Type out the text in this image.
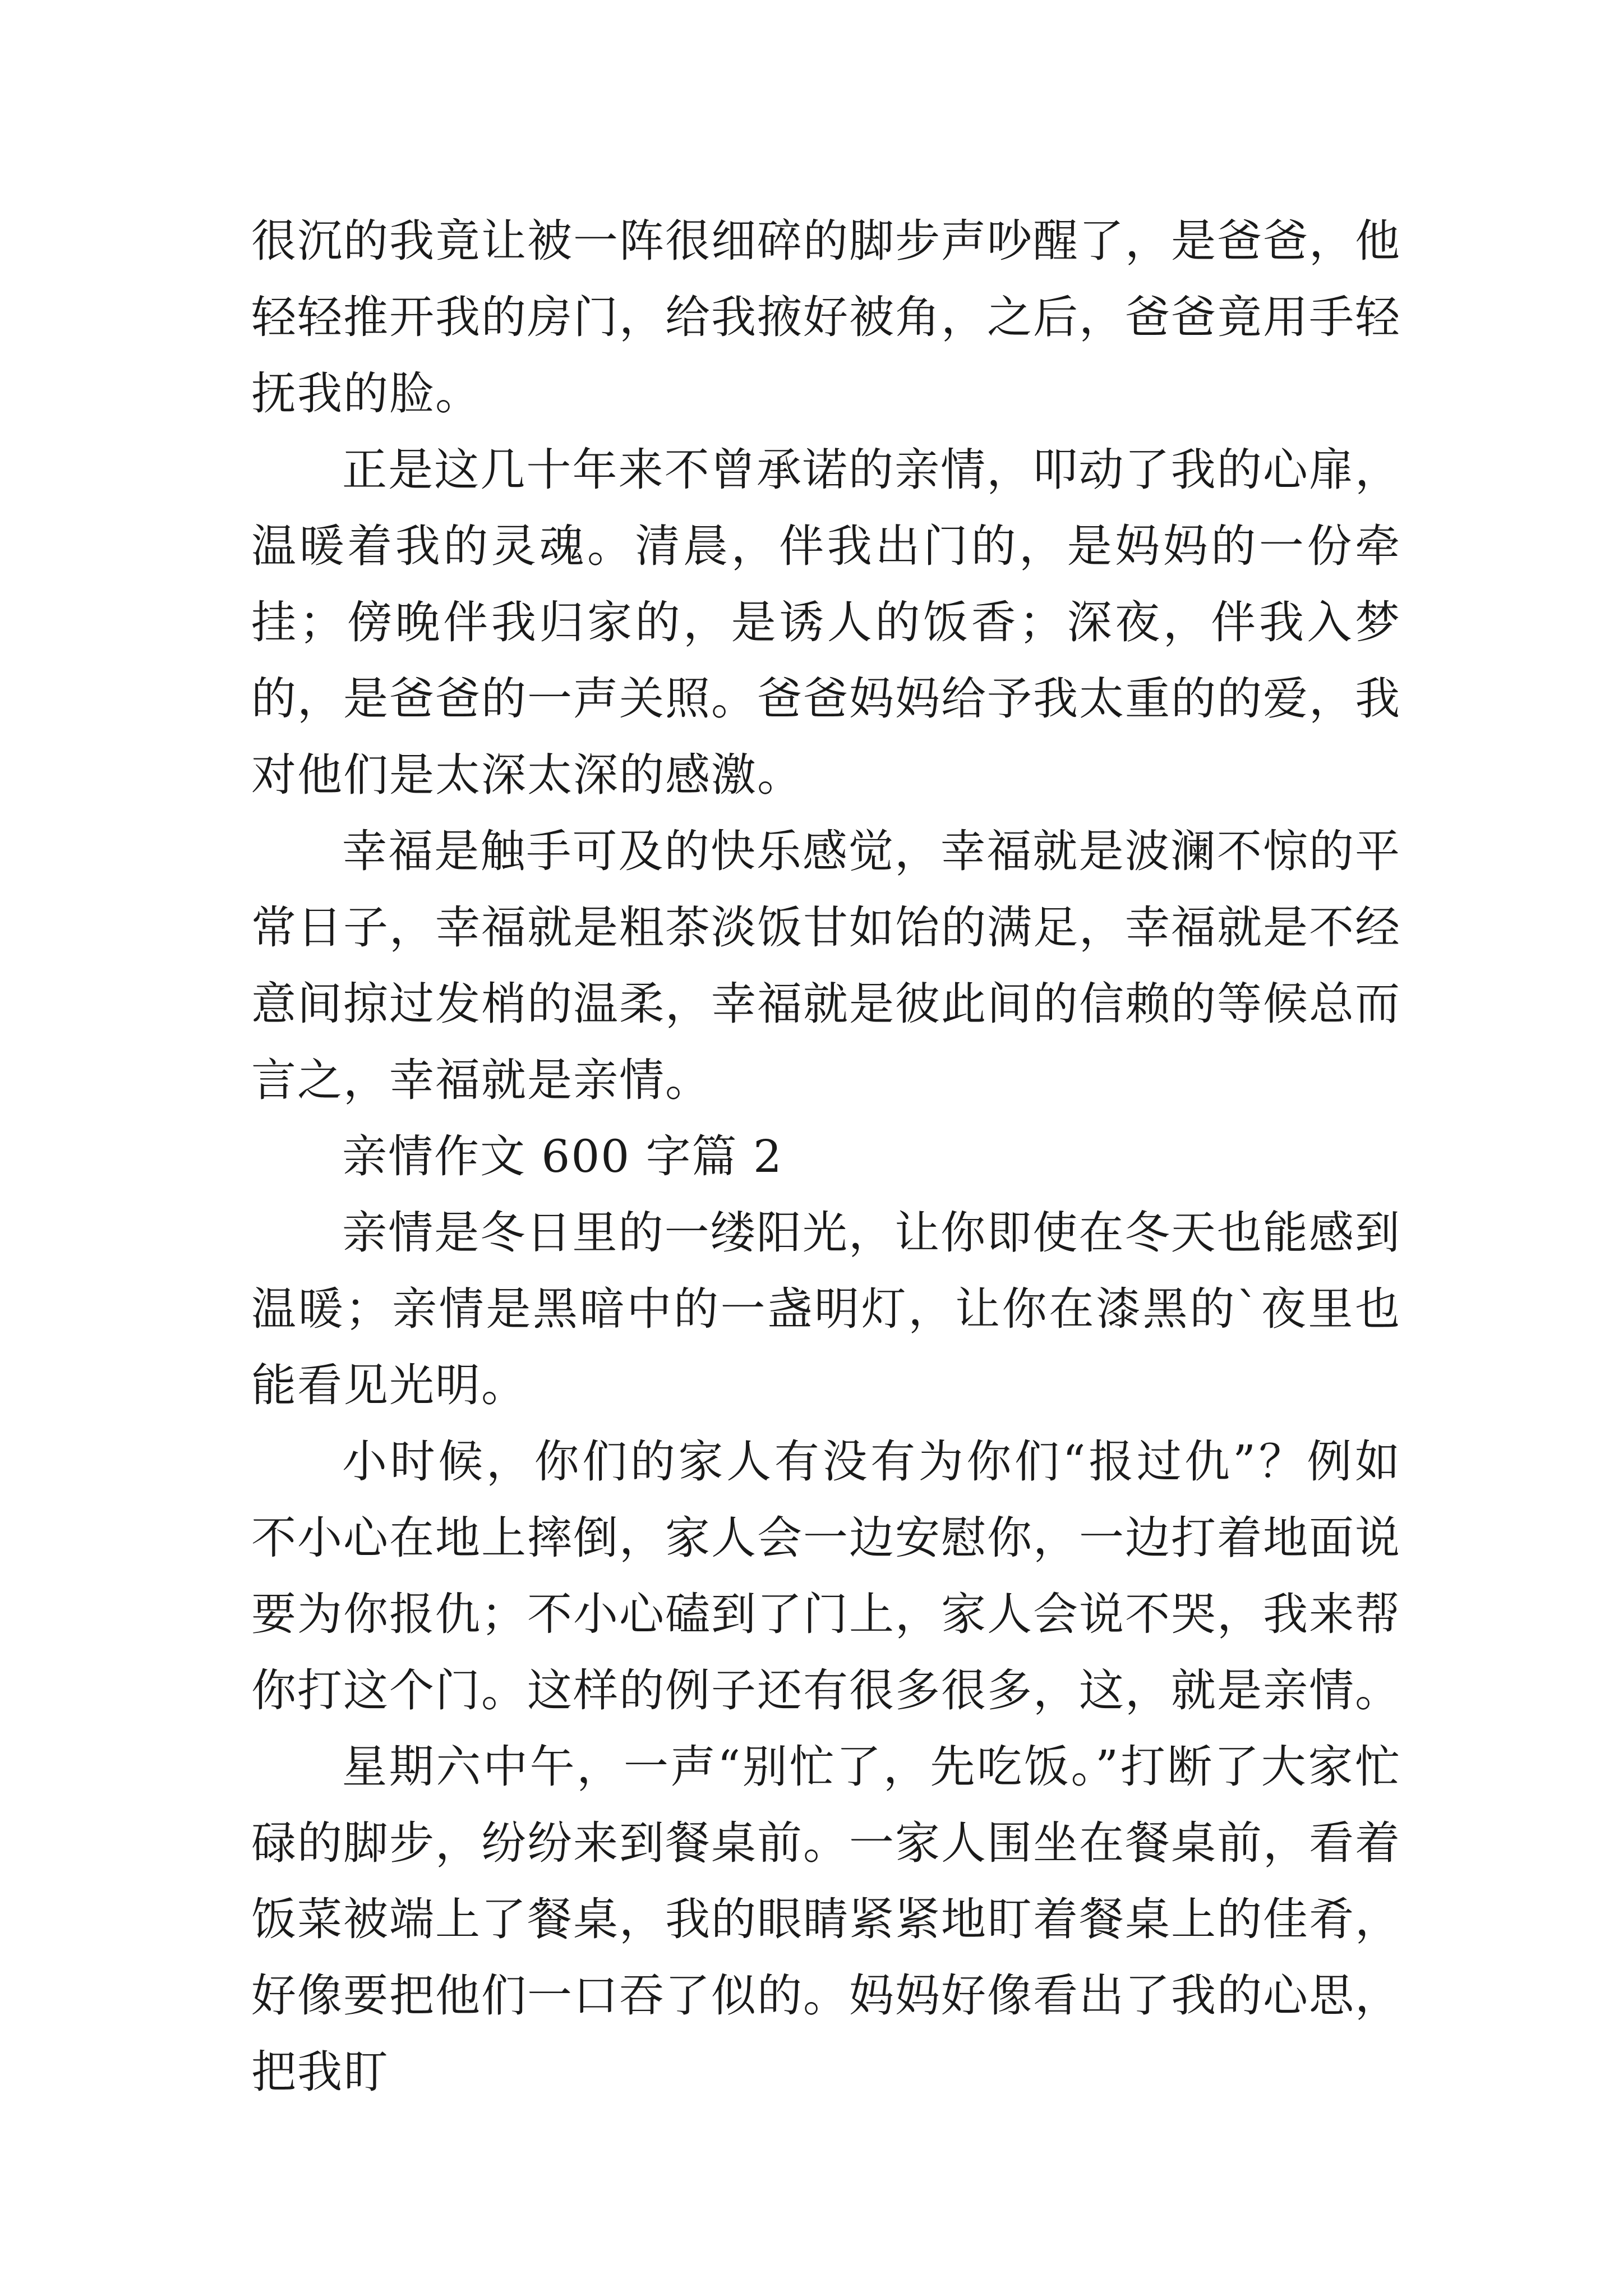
很沉的我竟让被一阵很细碎的脚步声吵醒了，是爸爸，他轻轻推开我的房门，给我掖好被角，之后，爸爸竟用手轻抚我的脸。

正是这几十年来不曾承诺的亲情，叩动了我的心扉，温暖着我的灵魂。清晨，伴我出门的，是妈妈的一份牵挂；傍晚伴我归家的，是诱人的饭香；深夜，伴我入梦的，是爸爸的一声关照。爸爸妈妈给予我太重的的爱，我对他们是太深太深的感激。

幸福是触手可及的快乐感觉，幸福就是波澜不惊的平常日子，幸福就是粗茶淡饭甘如饴的满足，幸福就是不经意间掠过发梢的温柔，幸福就是彼此间的信赖的等候总而言之，幸福就是亲情。

亲情作文 600 字篇 2

亲情是冬日里的一缕阳光，让你即使在冬天也能感到温暖；亲情是黑暗中的一盏明灯，让你在漆黑的`夜里也能看见光明。

小时候，你们的家人有没有为你们“报过仇”？例如不小心在地上摔倒，家人会一边安慰你，一边打着地面说要为你报仇；不小心磕到了门上，家人会说不哭，我来帮你打这个门。这样的例子还有很多很多，这，就是亲情。

星期六中午，一声“别忙了，先吃饭。”打断了大家忙碌的脚步，纷纷来到餐桌前。一家人围坐在餐桌前，看着饭菜被端上了餐桌，我的眼睛紧紧地盯着餐桌上的佳肴，好像要把他们一口吞了似的。妈妈好像看出了我的心思，把我盯
